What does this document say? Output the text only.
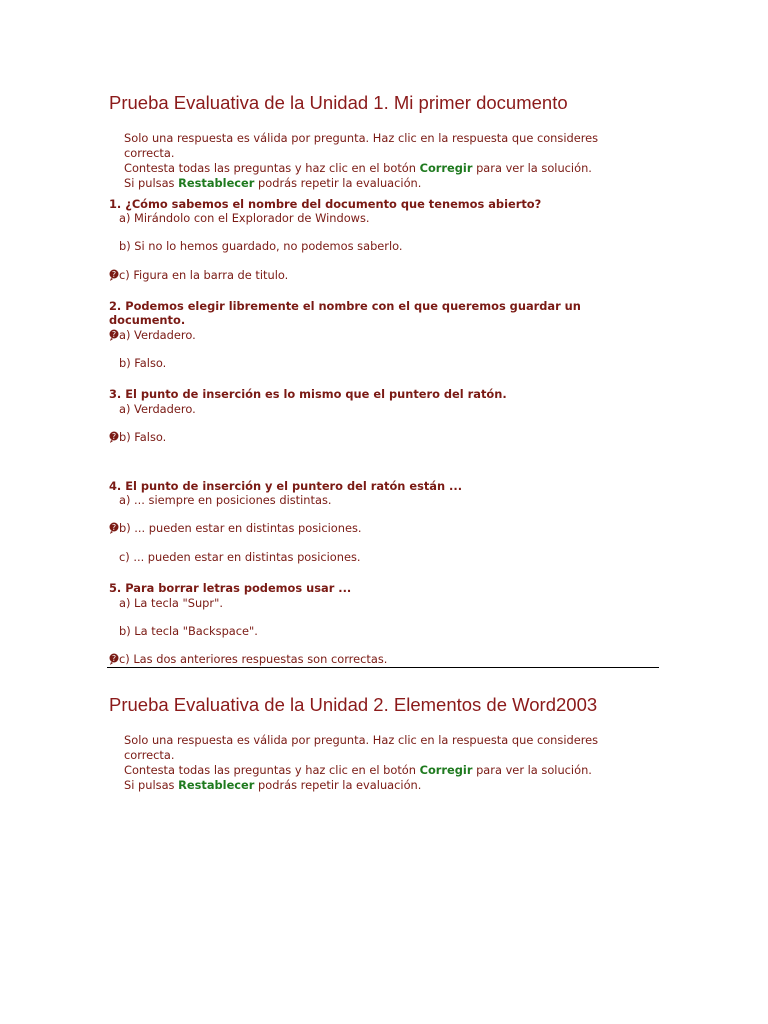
Prueba Evaluativa de la Unidad 1. Mi primer documento

Solo una respuesta es válida por pregunta. Haz clic en la respuesta que consideres correcta.

Contesta todas las preguntas y haz clic en el botón Corregir para ver la solución.

Si pulsas Restablecer podrás repetir la evaluación.

1. ¿Cómo sabemos el nombre del documento que tenemos abierto?
a) Mirándolo con el Explorador de Windows.
b) Si no lo hemos guardado, no podemos saberlo.
? c) Figura en la barra de titulo.
2. Podemos elegir libremente el nombre con el que queremos guardar un documento.
? a) Verdadero.
b) Falso.
3. El punto de inserción es lo mismo que el puntero del ratón.
a) Verdadero.
? b) Falso.
4. El punto de inserción y el puntero del ratón están ...
a) ... siempre en posiciones distintas.
? b) ... pueden estar en distintas posiciones.
c) ... pueden estar en distintas posiciones.
5. Para borrar letras podemos usar ...
a) La tecla "Supr".
b) La tecla "Backspace".
? c) Las dos anteriores respuestas son correctas.
Prueba Evaluativa de la Unidad 2. Elementos de Word2003

Solo una respuesta es válida por pregunta. Haz clic en la respuesta que consideres correcta.

Contesta todas las preguntas y haz clic en el botón Corregir para ver la solución.

Si pulsas Restablecer podrás repetir la evaluación.
